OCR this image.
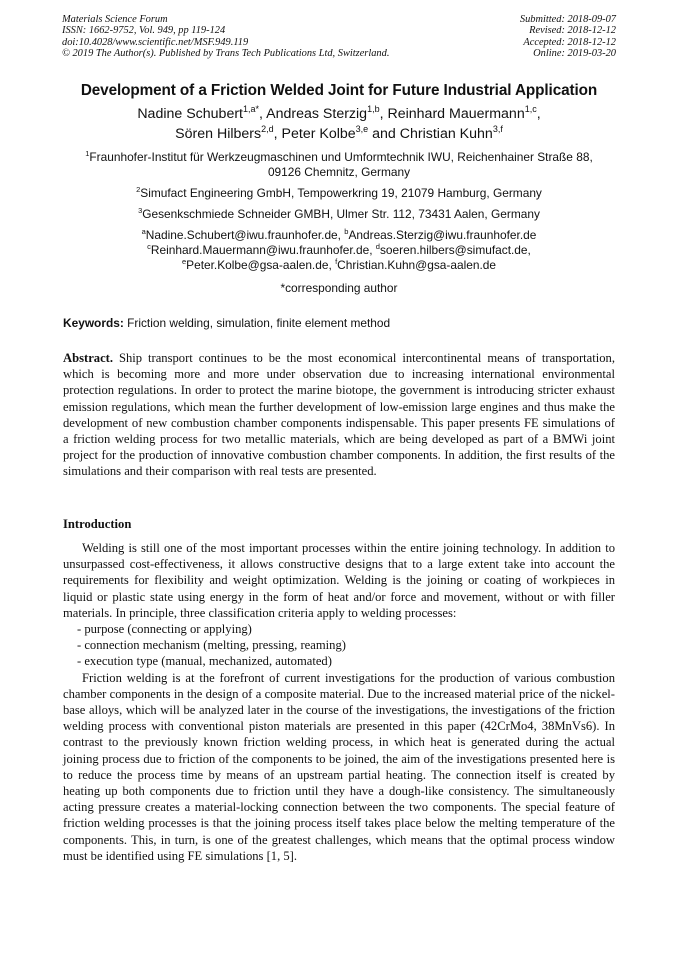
Materials Science Forum
ISSN: 1662-9752, Vol. 949, pp 119-124
doi:10.4028/www.scientific.net/MSF.949.119
© 2019 The Author(s). Published by Trans Tech Publications Ltd, Switzerland.
Submitted: 2018-09-07
Revised: 2018-12-12
Accepted: 2018-12-12
Online: 2019-03-20
Development of a Friction Welded Joint for Future Industrial Application
Nadine Schubert$^{1,a*}$, Andreas Sterzig$^{1,b}$, Reinhard Mauermann$^{1,c}$,
Sören Hilbers$^{2,d}$, Peter Kolbe$^{3,e}$ and Christian Kuhn$^{3,f}$
$^1$Fraunhofer-Institut für Werkzeugmaschinen und Umformtechnik IWU, Reichenhainer Straße 88,
09126 Chemnitz, Germany
$^2$Simufact Engineering GmbH, Tempowerkring 19, 21079 Hamburg, Germany
$^3$Gesenkschmiede Schneider GMBH, Ulmer Str. 112, 73431 Aalen, Germany
$^a$Nadine.Schubert@iwu.fraunhofer.de, $^b$Andreas.Sterzig@iwu.fraunhofer.de
$^c$Reinhard.Mauermann@iwu.fraunhofer.de, $^d$soeren.hilbers@simufact.de,
$^e$Peter.Kolbe@gsa-aalen.de, $^f$Christian.Kuhn@gsa-aalen.de
*corresponding author
Keywords: Friction welding, simulation, finite element method
Abstract. Ship transport continues to be the most economical intercontinental means of transportation, which is becoming more and more under observation due to increasing international environmental protection regulations. In order to protect the marine biotope, the government is introducing stricter exhaust emission regulations, which mean the further development of low-emission large engines and thus make the development of new combustion chamber components indispensable. This paper presents FE simulations of a friction welding process for two metallic materials, which are being developed as part of a BMWi joint project for the production of innovative combustion chamber components. In addition, the first results of the simulations and their comparison with real tests are presented.
Introduction

Welding is still one of the most important processes within the entire joining technology. In addition to unsurpassed cost-effectiveness, it allows constructive designs that to a large extent take into account the requirements for flexibility and weight optimization. Welding is the joining or coating of workpieces in liquid or plastic state using energy in the form of heat and/or force and movement, without or with filler materials. In principle, three classification criteria apply to welding processes:

- purpose (connecting or applying)
- connection mechanism (melting, pressing, reaming)
- execution type (manual, mechanized, automated)

Friction welding is at the forefront of current investigations for the production of various combustion chamber components in the design of a composite material. Due to the increased material price of the nickel-base alloys, which will be analyzed later in the course of the investigations, the investigations of the friction welding process with conventional piston materials are presented in this paper (42CrMo4, 38MnVs6). In contrast to the previously known friction welding process, in which heat is generated during the actual joining process due to friction of the components to be joined, the aim of the investigations presented here is to reduce the process time by means of an upstream partial heating. The connection itself is created by heating up both components due to friction until they have a dough-like consistency. The simultaneously acting pressure creates a material-locking connection between the two components. The special feature of friction welding processes is that the joining process itself takes place below the melting temperature of the components. This, in turn, is one of the greatest challenges, which means that the optimal process window must be identified using FE simulations [1, 5].
